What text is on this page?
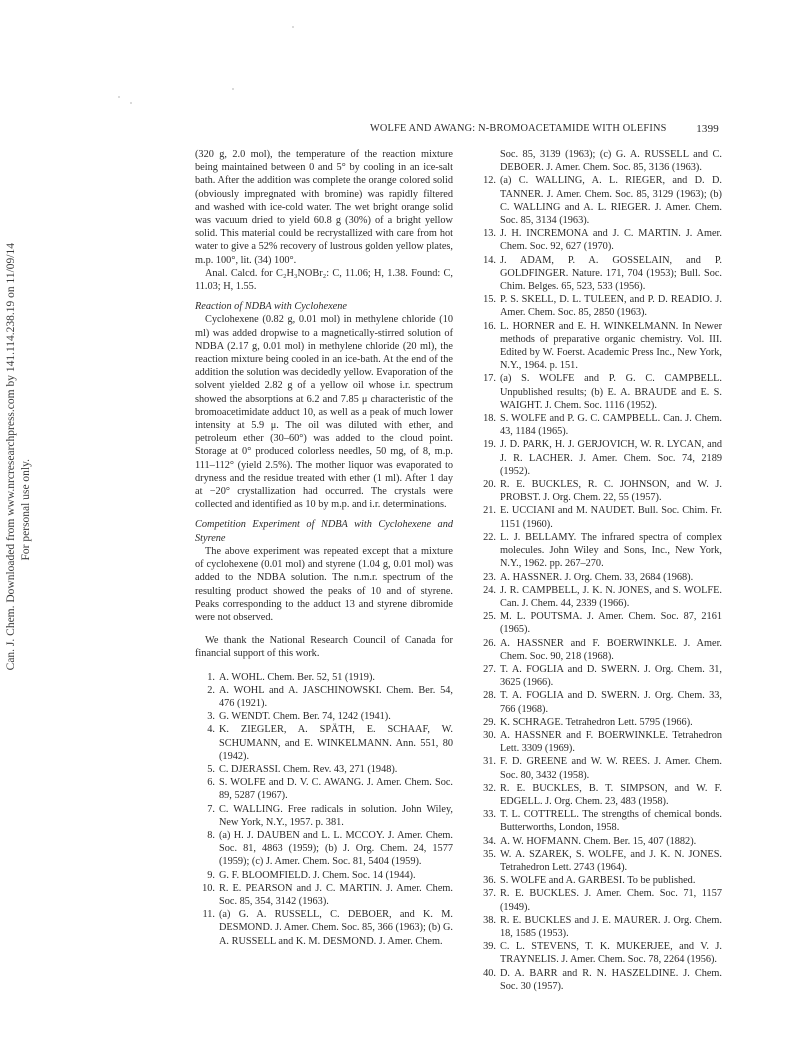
Can. J. Chem. Downloaded from www.nrcresearchpress.com by 141.114.238.19 on 11/09/14 For personal use only.
WOLFE AND AWANG: N-BROMOACETAMIDE WITH OLEFINS	1399

(320 g, 2.0 mol), the temperature of the reaction mixture being maintained between 0 and 5° by cooling in an ice-salt bath. After the addition was complete the orange colored solid (obviously impregnated with bromine) was rapidly filtered and washed with ice-cold water. The wet bright orange solid was vacuum dried to yield 60.8 g (30%) of a bright yellow solid. This material could be recrystallized with care from hot water to give a 52% recovery of lustrous golden yellow plates, m.p. 100°, lit. (34) 100°.

Anal. Calcd. for C₂H₃NOBr₂: C, 11.06; H, 1.38. Found: C, 11.03; H, 1.55.

Reaction of NDBA with Cyclohexene

Cyclohexene (0.82 g, 0.01 mol) in methylene chloride (10 ml) was added dropwise to a magnetically-stirred solution of NDBA (2.17 g, 0.01 mol) in methylene chloride (20 ml), the reaction mixture being cooled in an ice-bath. At the end of the addition the solution was decidedly yellow. Evaporation of the solvent yielded 2.82 g of a yellow oil whose i.r. spectrum showed the absorptions at 6.2 and 7.85 μ characteristic of the bromoacetimidate adduct 10, as well as a peak of much lower intensity at 5.9 μ. The oil was diluted with ether, and petroleum ether (30–60°) was added to the cloud point. Storage at 0° produced colorless needles, 50 mg, of 8, m.p. 111–112° (yield 2.5%). The mother liquor was evaporated to dryness and the residue treated with ether (1 ml). After 1 day at −20° crystallization had occurred. The crystals were collected and identified as 10 by m.p. and i.r. determinations.

Competition Experiment of NDBA with Cyclohexene and Styrene

The above experiment was repeated except that a mixture of cyclohexene (0.01 mol) and styrene (1.04 g, 0.01 mol) was added to the NDBA solution. The n.m.r. spectrum of the resulting product showed the peaks of 10 and of styrene. Peaks corresponding to the adduct 13 and styrene dibromide were not observed.

We thank the National Research Council of Canada for financial support of this work.

1. A. WOHL. Chem. Ber. 52, 51 (1919).
2. A. WOHL and A. JASCHINOWSKI. Chem. Ber. 54, 476 (1921).
3. G. WENDT. Chem. Ber. 74, 1242 (1941).
4. K. ZIEGLER, A. SPÄTH, E. SCHAAF, W. SCHUMANN, and E. WINKELMANN. Ann. 551, 80 (1942).
5. C. DJERASSI. Chem. Rev. 43, 271 (1948).
6. S. WOLFE and D. V. C. AWANG. J. Amer. Chem. Soc. 89, 5287 (1967).
7. C. WALLING. Free radicals in solution. John Wiley, New York, N.Y., 1957. p. 381.
8. (a) H. J. DAUBEN and L. L. MCCOY. J. Amer. Chem. Soc. 81, 4863 (1959); (b) J. Org. Chem. 24, 1577 (1959); (c) J. Amer. Chem. Soc. 81, 5404 (1959).
9. G. F. BLOOMFIELD. J. Chem. Soc. 14 (1944).
10. R. E. PEARSON and J. C. MARTIN. J. Amer. Chem. Soc. 85, 354, 3142 (1963).
11. (a) G. A. RUSSELL, C. DEBOER, and K. M. DESMOND. J. Amer. Chem. Soc. 85, 366 (1963); (b) G. A. RUSSELL and K. M. DESMOND. J. Amer. Chem.
Soc. 85, 3139 (1963); (c) G. A. RUSSELL and C. DEBOER. J. Amer. Chem. Soc. 85, 3136 (1963).
12. (a) C. WALLING, A. L. RIEGER, and D. D. TANNER. J. Amer. Chem. Soc. 85, 3129 (1963); (b) C. WALLING and A. L. RIEGER. J. Amer. Chem. Soc. 85, 3134 (1963).
13. J. H. INCREMONA and J. C. MARTIN. J. Amer. Chem. Soc. 92, 627 (1970).
14. J. ADAM, P. A. GOSSELAIN, and P. GOLDFINGER. Nature. 171, 704 (1953); Bull. Soc. Chim. Belges. 65, 523, 533 (1956).
15. P. S. SKELL, D. L. TULEEN, and P. D. READIO. J. Amer. Chem. Soc. 85, 2850 (1963).
16. L. HORNER and E. H. WINKELMANN. In Newer methods of preparative organic chemistry. Vol. III. Edited by W. Foerst. Academic Press Inc., New York, N.Y., 1964. p. 151.
17. (a) S. WOLFE and P. G. C. CAMPBELL. Unpublished results; (b) E. A. BRAUDE and E. S. WAIGHT. J. Chem. Soc. 1116 (1952).
18. S. WOLFE and P. G. C. CAMPBELL. Can. J. Chem. 43, 1184 (1965).
19. J. D. PARK, H. J. GERJOVICH, W. R. LYCAN, and J. R. LACHER. J. Amer. Chem. Soc. 74, 2189 (1952).
20. R. E. BUCKLES, R. C. JOHNSON, and W. J. PROBST. J. Org. Chem. 22, 55 (1957).
21. E. UCCIANI and M. NAUDET. Bull. Soc. Chim. Fr. 1151 (1960).
22. L. J. BELLAMY. The infrared spectra of complex molecules. John Wiley and Sons, Inc., New York, N.Y., 1962. pp. 267–270.
23. A. HASSNER. J. Org. Chem. 33, 2684 (1968).
24. J. R. CAMPBELL, J. K. N. JONES, and S. WOLFE. Can. J. Chem. 44, 2339 (1966).
25. M. L. POUTSMA. J. Amer. Chem. Soc. 87, 2161 (1965).
26. A. HASSNER and F. BOERWINKLE. J. Amer. Chem. Soc. 90, 218 (1968).
27. T. A. FOGLIA and D. SWERN. J. Org. Chem. 31, 3625 (1966).
28. T. A. FOGLIA and D. SWERN. J. Org. Chem. 33, 766 (1968).
29. K. SCHRAGE. Tetrahedron Lett. 5795 (1966).
30. A. HASSNER and F. BOERWINKLE. Tetrahedron Lett. 3309 (1969).
31. F. D. GREENE and W. W. REES. J. Amer. Chem. Soc. 80, 3432 (1958).
32. R. E. BUCKLES, B. T. SIMPSON, and W. F. EDGELL. J. Org. Chem. 23, 483 (1958).
33. T. L. COTTRELL. The strengths of chemical bonds. Butterworths, London, 1958.
34. A. W. HOFMANN. Chem. Ber. 15, 407 (1882).
35. W. A. SZAREK, S. WOLFE, and J. K. N. JONES. Tetrahedron Lett. 2743 (1964).
36. S. WOLFE and A. GARBESI. To be published.
37. R. E. BUCKLES. J. Amer. Chem. Soc. 71, 1157 (1949).
38. R. E. BUCKLES and J. E. MAURER. J. Org. Chem. 18, 1585 (1953).
39. C. L. STEVENS, T. K. MUKERJEE, and V. J. TRAYNELIS. J. Amer. Chem. Soc. 78, 2264 (1956).
40. D. A. BARR and R. N. HASZELDINE. J. Chem. Soc. 30 (1957).
